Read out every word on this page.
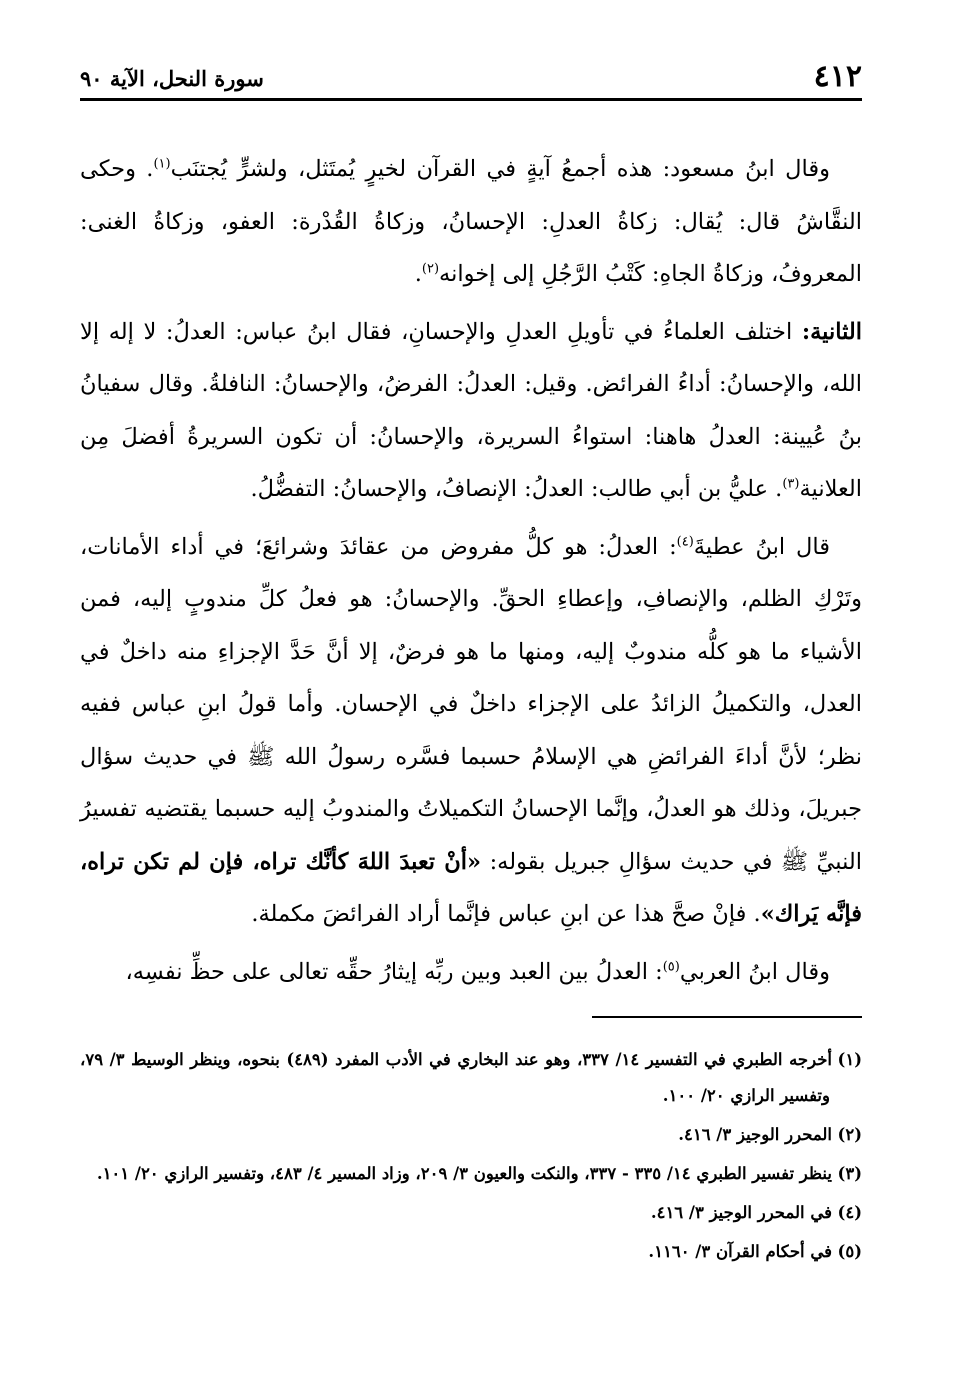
٤١٢
سورة النحل، الآية ٩٠

وقال ابنُ مسعود: هذه أجمعُ آيةٍ في القرآن لخيرٍ يُمتَثل، ولشرٍّ يُجتنَب$^{(١)}$. وحكى النقَّاشُ قال: يُقال: زكاةُ العدلِ: الإحسانُ، وزكاةُ القُدْرة: العفو، وزكاةُ الغنى: المعروفُ، وزكاةُ الجاهِ: كَتْبُ الرَّجُلِ إلى إخوانه$^{(٢)}$.

الثانية: اختلف العلماءُ في تأويلِ العدلِ والإحسانِ، فقال ابنُ عباس: العدلُ: لا إله إلا الله، والإحسانُ: أداءُ الفرائض. وقيل: العدلُ: الفرضُ، والإحسانُ: النافلةُ. وقال سفيانُ بنُ عُيينة: العدلُ هاهنا: استواءُ السريرة، والإحسانُ: أن تكون السريرةُ أفضلَ مِن العلانية$^{(٣)}$. عليُّ بن أبي طالب: العدلُ: الإنصافُ، والإحسانُ: التفضُّلُ.

قال ابنُ عطيةَ$^{(٤)}$: العدلُ: هو كلُّ مفروض من عقائدَ وشرائعَ؛ في أداء الأمانات، وتَرْكِ الظلم، والإنصافِ، وإعطاءِ الحقِّ. والإحسانُ: هو فعلُ كلِّ مندوبٍ إليه، فمن الأشياء ما هو كلُّه مندوبٌ إليه، ومنها ما هو فرضٌ، إلا أنَّ حَدَّ الإجزاءِ منه داخلٌ في العدل، والتكميلُ الزائدُ على الإجزاء داخلٌ في الإحسان. وأما قولُ ابنِ عباس ففيه نظر؛ لأنَّ أداءَ الفرائضِ هي الإسلامُ حسبما فسَّره رسولُ الله ﷺ في حديث سؤال جبريلَ، وذلك هو العدلُ، وإنَّما الإحسانُ التكميلاتُ والمندوبُ إليه حسبما يقتضيه تفسيرُ النبيِّ ﷺ في حديث سؤالِ جبريل بقوله: «أنْ تعبدَ اللهَ كأنَّك تراه، فإن لم تكن تراه، فإنَّه يَراك». فإنْ صحَّ هذا عن ابنِ عباس فإنَّما أراد الفرائضَ مكملة.

وقال ابنُ العربي$^{(٥)}$: العدلُ بين العبد وبين ربِّه إيثارُ حقِّه تعالى على حظِّ نفسِه،

(١)أخرجه الطبري في التفسير ١٤/ ٣٣٧، وهو عند البخاري في الأدب المفرد (٤٨٩) بنحوه، وينظر الوسيط ٣/ ٧٩، وتفسير الرازي ٢٠/ ١٠٠.

(٢)المحرر الوجيز ٣/ ٤١٦.

(٣)ينظر تفسير الطبري ١٤/ ٣٣٥ - ٣٣٧، والنكت والعيون ٣/ ٢٠٩، وزاد المسير ٤/ ٤٨٣، وتفسير الرازي ٢٠/ ١٠١.

(٤)في المحرر الوجيز ٣/ ٤١٦.

(٥)في أحكام القرآن ٣/ ١١٦٠.
